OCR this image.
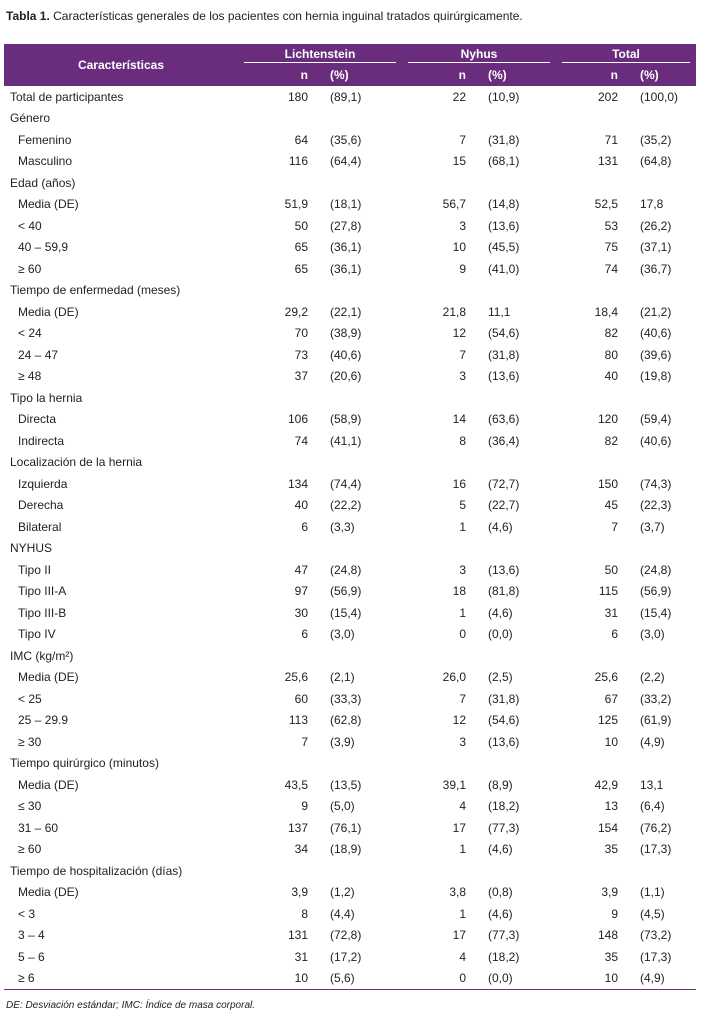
Tabla 1. Características generales de los pacientes con hernia inguinal tratados quirúrgicamente.
Características	Lichtenstein		Nyhus		Total	

	n	(%)	n	(%)	n	(%)
Total de participantes	180	(89,1)	22	(10,9)	202	(100,0)
Género						
Femenino	64	(35,6)	7	(31,8)	71	(35,2)
Masculino	116	(64,4)	15	(68,1)	131	(64,8)
Edad (años)						
Media (DE)	51,9	(18,1)	56,7	(14,8)	52,5	17,8
< 40	50	(27,8)	3	(13,6)	53	(26,2)
40 – 59,9	65	(36,1)	10	(45,5)	75	(37,1)
≥ 60	65	(36,1)	9	(41,0)	74	(36,7)
Tiempo de enfermedad (meses)						
Media (DE)	29,2	(22,1)	21,8	11,1	18,4	(21,2)
< 24	70	(38,9)	12	(54,6)	82	(40,6)
24 – 47	73	(40,6)	7	(31,8)	80	(39,6)
≥ 48	37	(20,6)	3	(13,6)	40	(19,8)
Tipo la hernia						
Directa	106	(58,9)	14	(63,6)	120	(59,4)
Indirecta	74	(41,1)	8	(36,4)	82	(40,6)
Localización de la hernia						
Izquierda	134	(74,4)	16	(72,7)	150	(74,3)
Derecha	40	(22,2)	5	(22,7)	45	(22,3)
Bilateral	6	(3,3)	1	(4,6)	7	(3,7)
NYHUS						
Tipo II	47	(24,8)	3	(13,6)	50	(24,8)
Tipo III-A	97	(56,9)	18	(81,8)	115	(56,9)
Tipo III-B	30	(15,4)	1	(4,6)	31	(15,4)
Tipo IV	6	(3,0)	0	(0,0)	6	(3,0)
IMC (kg/m²)						
Media (DE)	25,6	(2,1)	26,0	(2,5)	25,6	(2,2)
< 25	60	(33,3)	7	(31,8)	67	(33,2)
25 – 29.9	113	(62,8)	12	(54,6)	125	(61,9)
≥ 30	7	(3,9)	3	(13,6)	10	(4,9)
Tiempo quirúrgico (minutos)						
Media (DE)	43,5	(13,5)	39,1	(8,9)	42,9	13,1
≤ 30	9	(5,0)	4	(18,2)	13	(6,4)
31 – 60	137	(76,1)	17	(77,3)	154	(76,2)
≥ 60	34	(18,9)	1	(4,6)	35	(17,3)
Tiempo de hospitalización (días)						
Media (DE)	3,9	(1,2)	3,8	(0,8)	3,9	(1,1)
< 3	8	(4,4)	1	(4,6)	9	(4,5)
3 – 4	131	(72,8)	17	(77,3)	148	(73,2)
5 – 6	31	(17,2)	4	(18,2)	35	(17,3)
≥ 6	10	(5,6)	0	(0,0)	10	(4,9)
DE: Desviación estándar; IMC: Índice de masa corporal.
